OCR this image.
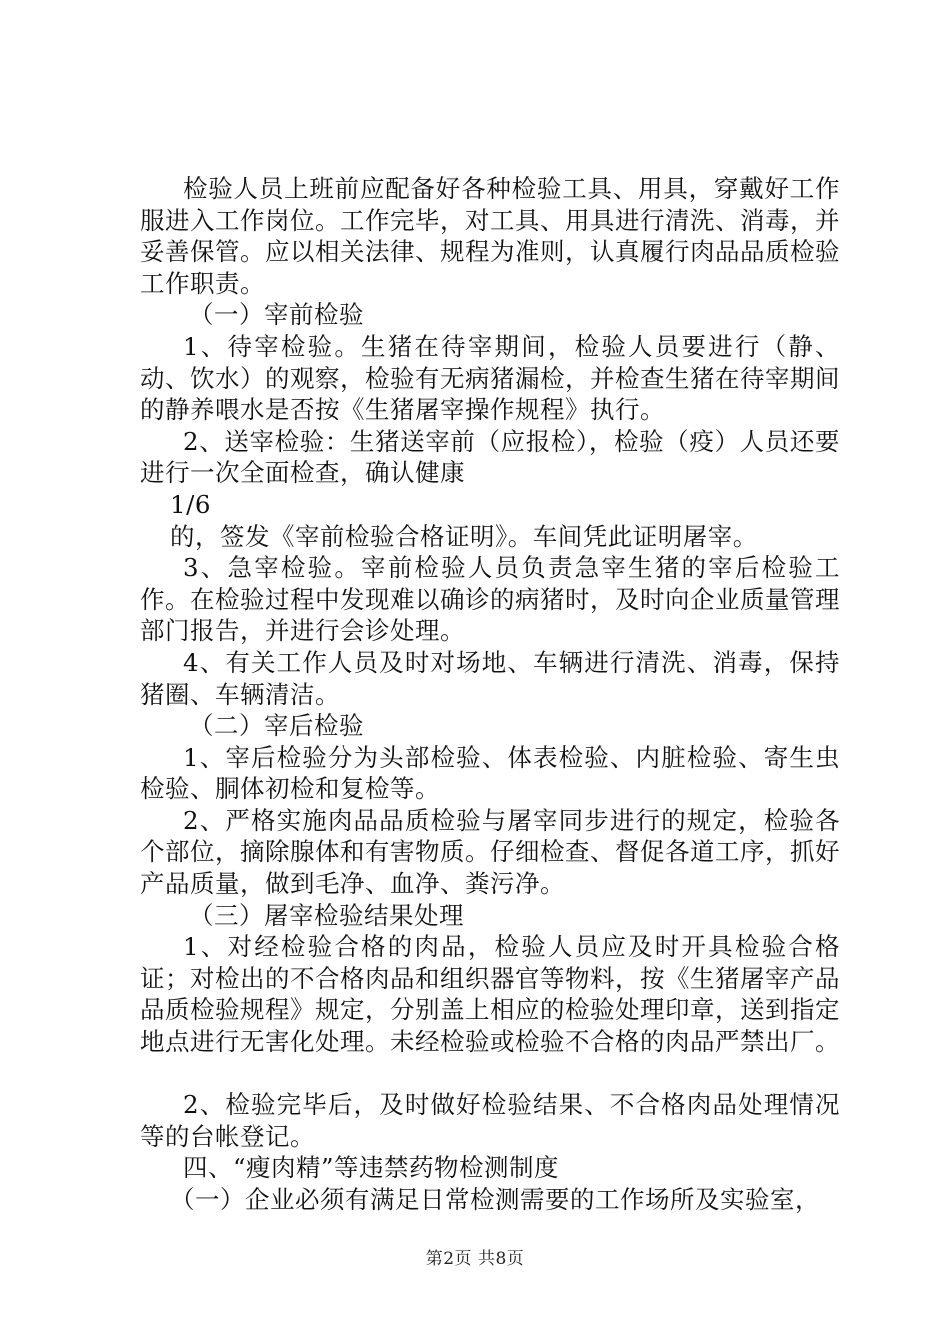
检验人员上班前应配备好各种检验工具、用具，穿戴好工作服进入工作岗位。工作完毕，对工具、用具进行清洗、消毒，并妥善保管。应以相关法律、规程为准则，认真履行肉品品质检验工作职责。

（一）宰前检验

1、待宰检验。生猪在待宰期间，检验人员要进行（静、动、饮水）的观察，检验有无病猪漏检，并检查生猪在待宰期间的静养喂水是否按《生猪屠宰操作规程》执行。

2、送宰检验：生猪送宰前（应报检），检验（疫）人员还要进行一次全面检查，确认健康

1/6

的，签发《宰前检验合格证明》。车间凭此证明屠宰。

3、急宰检验。宰前检验人员负责急宰生猪的宰后检验工作。在检验过程中发现难以确诊的病猪时，及时向企业质量管理部门报告，并进行会诊处理。

4、有关工作人员及时对场地、车辆进行清洗、消毒，保持猪圈、车辆清洁。

（二）宰后检验

1、宰后检验分为头部检验、体表检验、内脏检验、寄生虫检验、胴体初检和复检等。

2、严格实施肉品品质检验与屠宰同步进行的规定，检验各个部位，摘除腺体和有害物质。仔细检查、督促各道工序，抓好产品质量，做到毛净、血净、粪污净。

（三）屠宰检验结果处理

1、对经检验合格的肉品，检验人员应及时开具检验合格证；对检出的不合格肉品和组织器官等物料，按《生猪屠宰产品品质检验规程》规定，分别盖上相应的检验处理印章，送到指定地点进行无害化处理。未经检验或检验不合格的肉品严禁出厂。

2、检验完毕后，及时做好检验结果、不合格肉品处理情况等的台帐登记。

四、“瘦肉精”等违禁药物检测制度

（一）企业必须有满足日常检测需要的工作场所及实验室，

第2页 共8页
